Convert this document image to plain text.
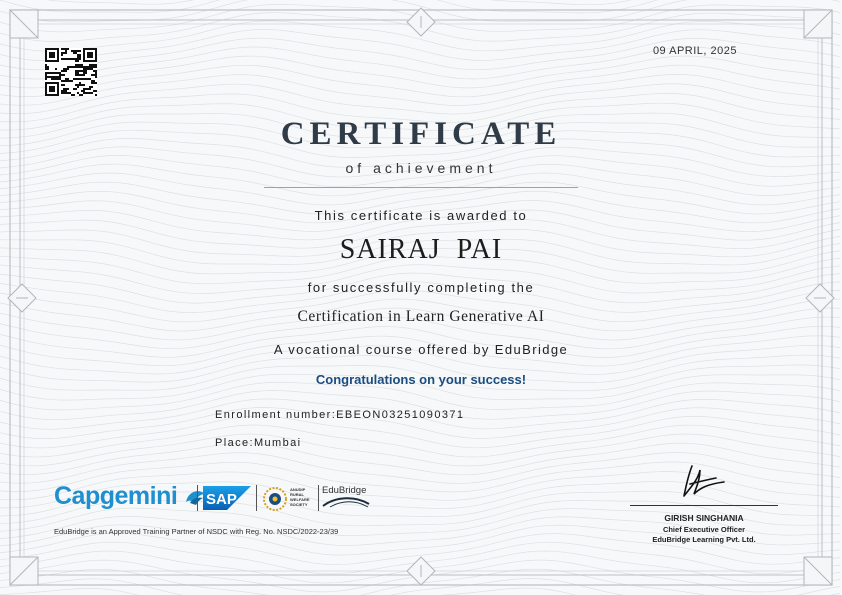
09 APRIL, 2025
CERTIFICATE
of achievement
This certificate is awarded to
SAIRAJ  PAI
for successfully completing the
Certification in Learn Generative AI
A vocational course offered by EduBridge
Congratulations on your success!
Enrollment number:EBEON03251090371
Place:Mumbai
Capgemini	SAP
ANUDIP RURAL WELFARE SOCIETY
EduBridge
EduBridge is an Approved Training Partner of NSDC with Reg. No. NSDC/2022-23/39
GIRISH SINGHANIA
Chief Executive Officer
EduBridge Learning Pvt. Ltd.
